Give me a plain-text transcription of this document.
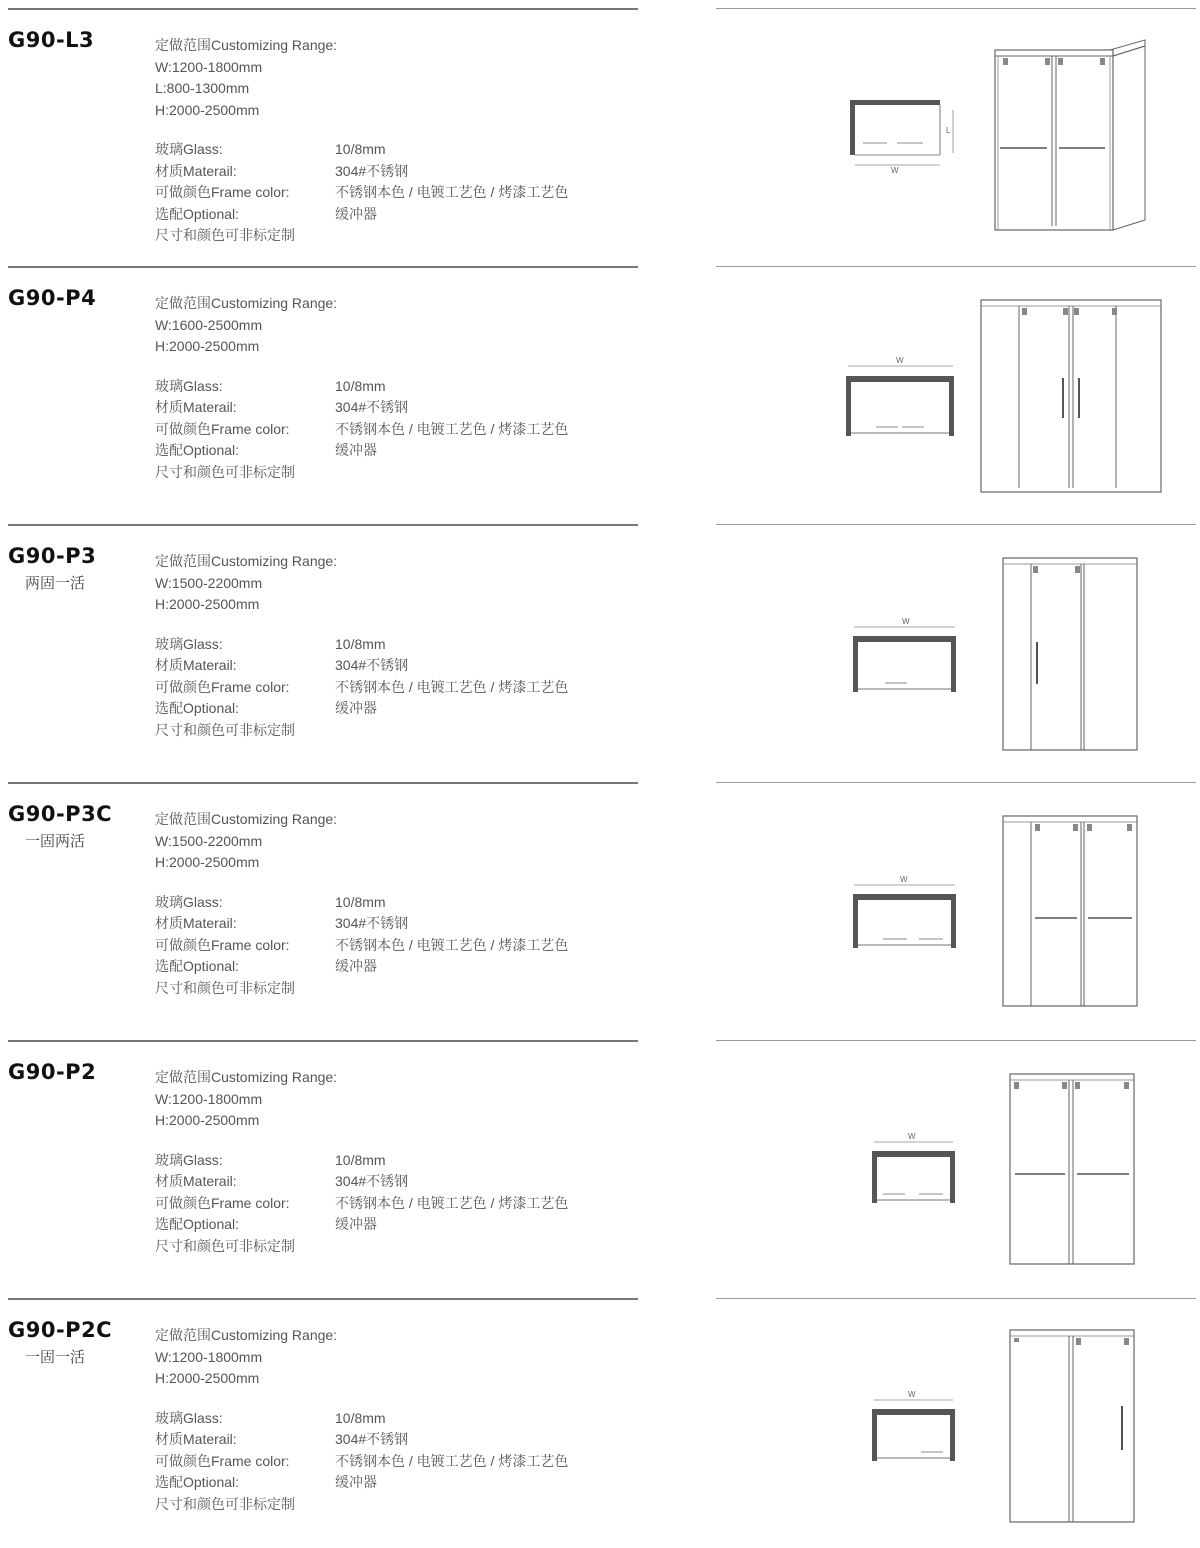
G90-L3	定做范围Customizing Range:
W:1200-1800mm
L:800-1300mm
H:2000-2500mm
玻璃Glass:	10/8mm
材质Materail:	304#不锈钢
可做颜色Frame color:	不锈钢本色 / 电镀工艺色 / 烤漆工艺色
选配Optional:	缓冲器
尺寸和颜色可非标定制
W
L
G90-P4	定做范围Customizing Range:
W:1600-2500mm
H:2000-2500mm
玻璃Glass:	10/8mm
材质Materail:	304#不锈钢
可做颜色Frame color:	不锈钢本色 / 电镀工艺色 / 烤漆工艺色
选配Optional:	缓冲器
尺寸和颜色可非标定制
W
G90-P3
两固一活
定做范围Customizing Range:
W:1500-2200mm
H:2000-2500mm
玻璃Glass:	10/8mm
材质Materail:	304#不锈钢
可做颜色Frame color:	不锈钢本色 / 电镀工艺色 / 烤漆工艺色
选配Optional:	缓冲器
尺寸和颜色可非标定制
W
G90-P3C
一固两活
定做范围Customizing Range:
W:1500-2200mm
H:2000-2500mm
玻璃Glass:	10/8mm
材质Materail:	304#不锈钢
可做颜色Frame color:	不锈钢本色 / 电镀工艺色 / 烤漆工艺色
选配Optional:	缓冲器
尺寸和颜色可非标定制
W
G90-P2	定做范围Customizing Range:
W:1200-1800mm
H:2000-2500mm
玻璃Glass:	10/8mm
材质Materail:	304#不锈钢
可做颜色Frame color:	不锈钢本色 / 电镀工艺色 / 烤漆工艺色
选配Optional:	缓冲器
尺寸和颜色可非标定制
W
G90-P2C
一固一活
定做范围Customizing Range:
W:1200-1800mm
H:2000-2500mm
玻璃Glass:	10/8mm
材质Materail:	304#不锈钢
可做颜色Frame color:	不锈钢本色 / 电镀工艺色 / 烤漆工艺色
选配Optional:	缓冲器
尺寸和颜色可非标定制
W
